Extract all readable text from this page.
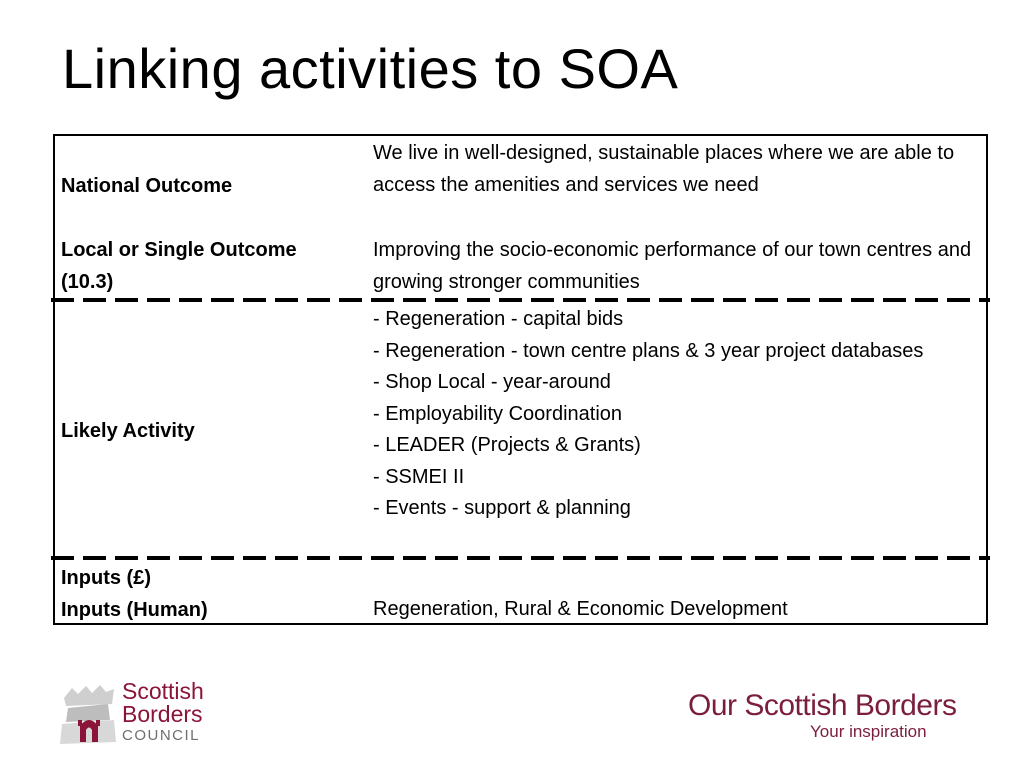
Linking activities to SOA
National Outcome
We live in well-designed, sustainable places where we are able to access the amenities and services we need
Local or Single Outcome
(10.3)
Improving the socio-economic performance of our town centres and growing stronger communities
Likely Activity
- Regeneration - capital bids
- Regeneration - town centre plans & 3 year project databases
- Shop Local - year-around
- Employability Coordination
- LEADER (Projects & Grants)
- SSMEI II
- Events - support & planning
Inputs (£)
Inputs (Human)	Regeneration, Rural & Economic Development
Scottish
Borders
COUNCIL
Our Scottish Borders
Your inspiration
